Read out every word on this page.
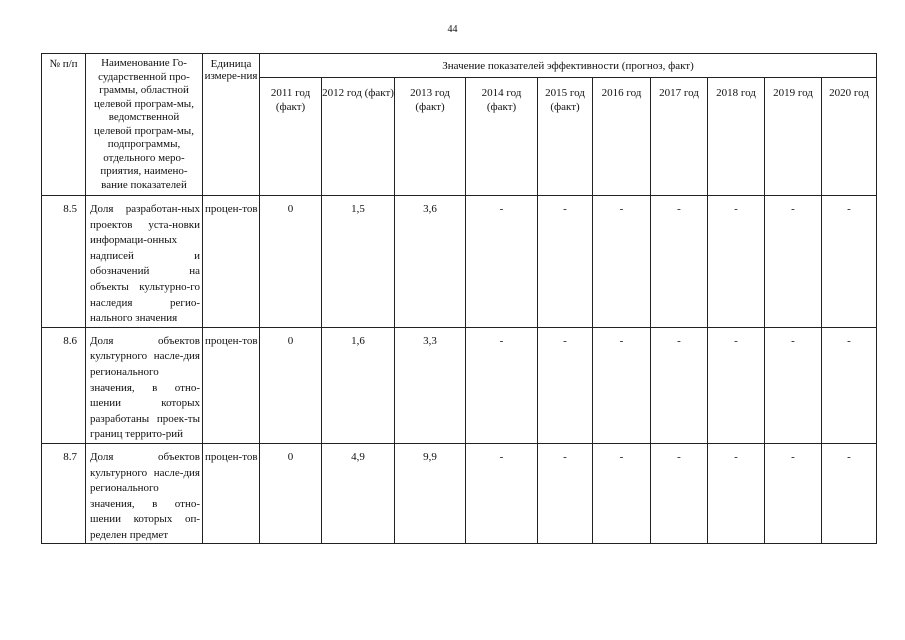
44
№ п/п	Наименование Го-сударственной про-граммы, областной целевой програм-мы, ведомственной целевой програм-мы, подпрограммы, отдельного меро-приятия, наимено-вание показателей	Единица измере-ния	Значение показателей эффективности (прогноз, факт)									
			2011 год (факт)	2012 год (факт)	2013 год (факт)	2014 год (факт)	2015 год (факт)	2016 год	2017 год	2018 год	2019 год	2020 год
8.5	Доля разработан-ных проектов уста-новки информаци-онных надписей и обозначений на объекты культурно-го наследия регио-нального значения	процен-тов	0	1,5	3,6	-	-	-	-	-	-	-
8.6	Доля объектов культурного насле-дия регионального значения, в отно-шении которых разработаны проек-ты границ террито-рий	процен-тов	0	1,6	3,3	-	-	-	-	-	-	-
8.7	Доля объектов культурного насле-дия регионального значения, в отно-шении которых оп-ределен предмет	процен-тов	0	4,9	9,9	-	-	-	-	-	-	-
